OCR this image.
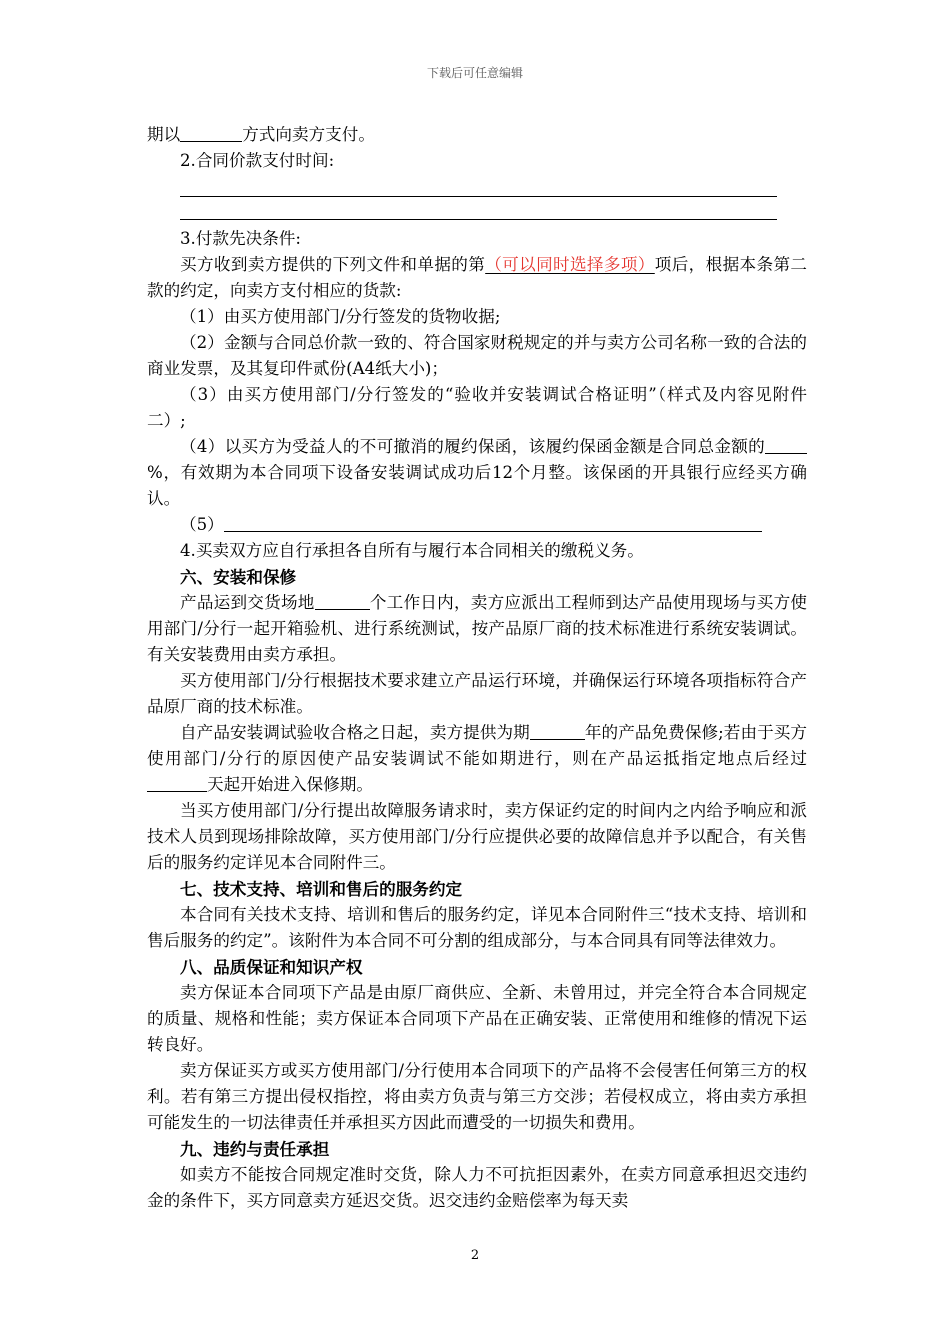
下载后可任意编辑

期以	方式向卖方支付。

2.合同价款支付时间:

3.付款先决条件:

买方收到卖方提供的下列文件和单据的第（可以同时选择多项）项后，根据本条第二款的约定，向卖方支付相应的货款:

（1）由买方使用部门/分行签发的货物收据;

（2）金额与合同总价款一致的、符合国家财税规定的并与卖方公司名称一致的合法的商业发票，及其复印件贰份(A4纸大小)；

（3）由买方使用部门/分行签发的“验收并安装调试合格证明”（样式及内容见附件二）;

（4）以买方为受益人的不可撤消的履约保函，该履约保函金额是合同总金额的%，有效期为本合同项下设备安装调试成功后12个月整。该保函的开具银行应经买方确认。

（5）

4.买卖双方应自行承担各自所有与履行本合同相关的缴税义务。

六、安装和保修

产品运到交货场地	个工作日内，卖方应派出工程师到达产品使用现场与买方使用部门/分行一起开箱验机、进行系统测试，按产品原厂商的技术标准进行系统安装调试。有关安装费用由卖方承担。

买方使用部门/分行根据技术要求建立产品运行环境，并确保运行环境各项指标符合产品原厂商的技术标准。

自产品安装调试验收合格之日起，卖方提供为期	年的产品免费保修;若由于买方使用部门/分行的原因使产品安装调试不能如期进行，则在产品运抵指定地点后经过天起开始进入保修期。

当买方使用部门/分行提出故障服务请求时，卖方保证约定的时间内之内给予响应和派技术人员到现场排除故障，买方使用部门/分行应提供必要的故障信息并予以配合，有关售后的服务约定详见本合同附件三。

七、技术支持、培训和售后的服务约定

本合同有关技术支持、培训和售后的服务约定，详见本合同附件三“技术支持、培训和售后服务的约定”。该附件为本合同不可分割的组成部分，与本合同具有同等法律效力。

八、品质保证和知识产权

卖方保证本合同项下产品是由原厂商供应、全新、未曾用过，并完全符合本合同规定的质量、规格和性能；卖方保证本合同项下产品在正确安装、正常使用和维修的情况下运转良好。

卖方保证买方或买方使用部门/分行使用本合同项下的产品将不会侵害任何第三方的权利。若有第三方提出侵权指控，将由卖方负责与第三方交涉；若侵权成立，将由卖方承担可能发生的一切法律责任并承担买方因此而遭受的一切损失和费用。

九、违约与责任承担

如卖方不能按合同规定准时交货，除人力不可抗拒因素外，在卖方同意承担迟交违约金的条件下，买方同意卖方延迟交货。迟交违约金赔偿率为每天卖

2
